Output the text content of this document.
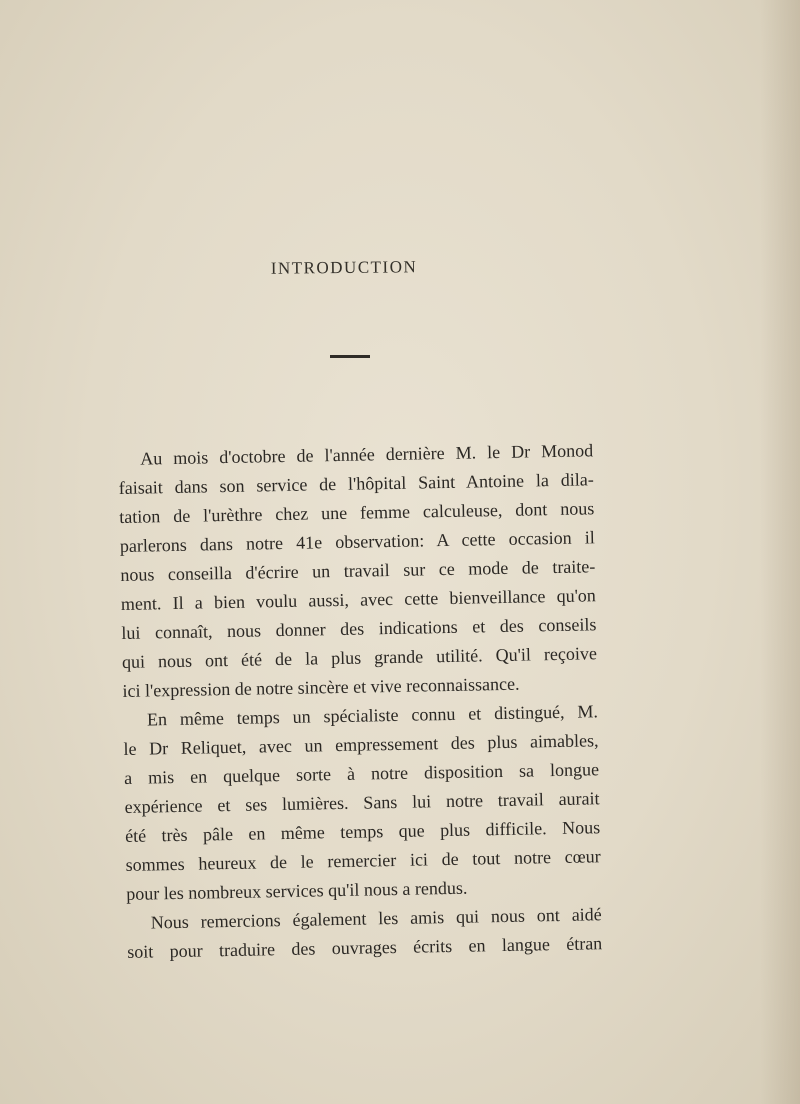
INTRODUCTION
Au mois d'octobre de l'année dernière M. le Dr Monod
faisait dans son service de l'hôpital Saint Antoine la dila-
tation de l'urèthre chez une femme calculeuse, dont nous
parlerons dans notre 41e observation: A cette occasion il
nous conseilla d'écrire un travail sur ce mode de traite-
ment. Il a bien voulu aussi, avec cette bienveillance qu'on
lui connaît, nous donner des indications et des conseils
qui nous ont été de la plus grande utilité. Qu'il reçoive
ici l'expression de notre sincère et vive reconnaissance.
En même temps un spécialiste connu et distingué, M.
le Dr Reliquet, avec un empressement des plus aimables,
a mis en quelque sorte à notre disposition sa longue
expérience et ses lumières. Sans lui notre travail aurait
été très pâle en même temps que plus difficile. Nous
sommes heureux de le remercier ici de tout notre cœur
pour les nombreux services qu'il nous a rendus.
Nous remercions également les amis qui nous ont aidé
soit pour traduire des ouvrages écrits en langue étran
